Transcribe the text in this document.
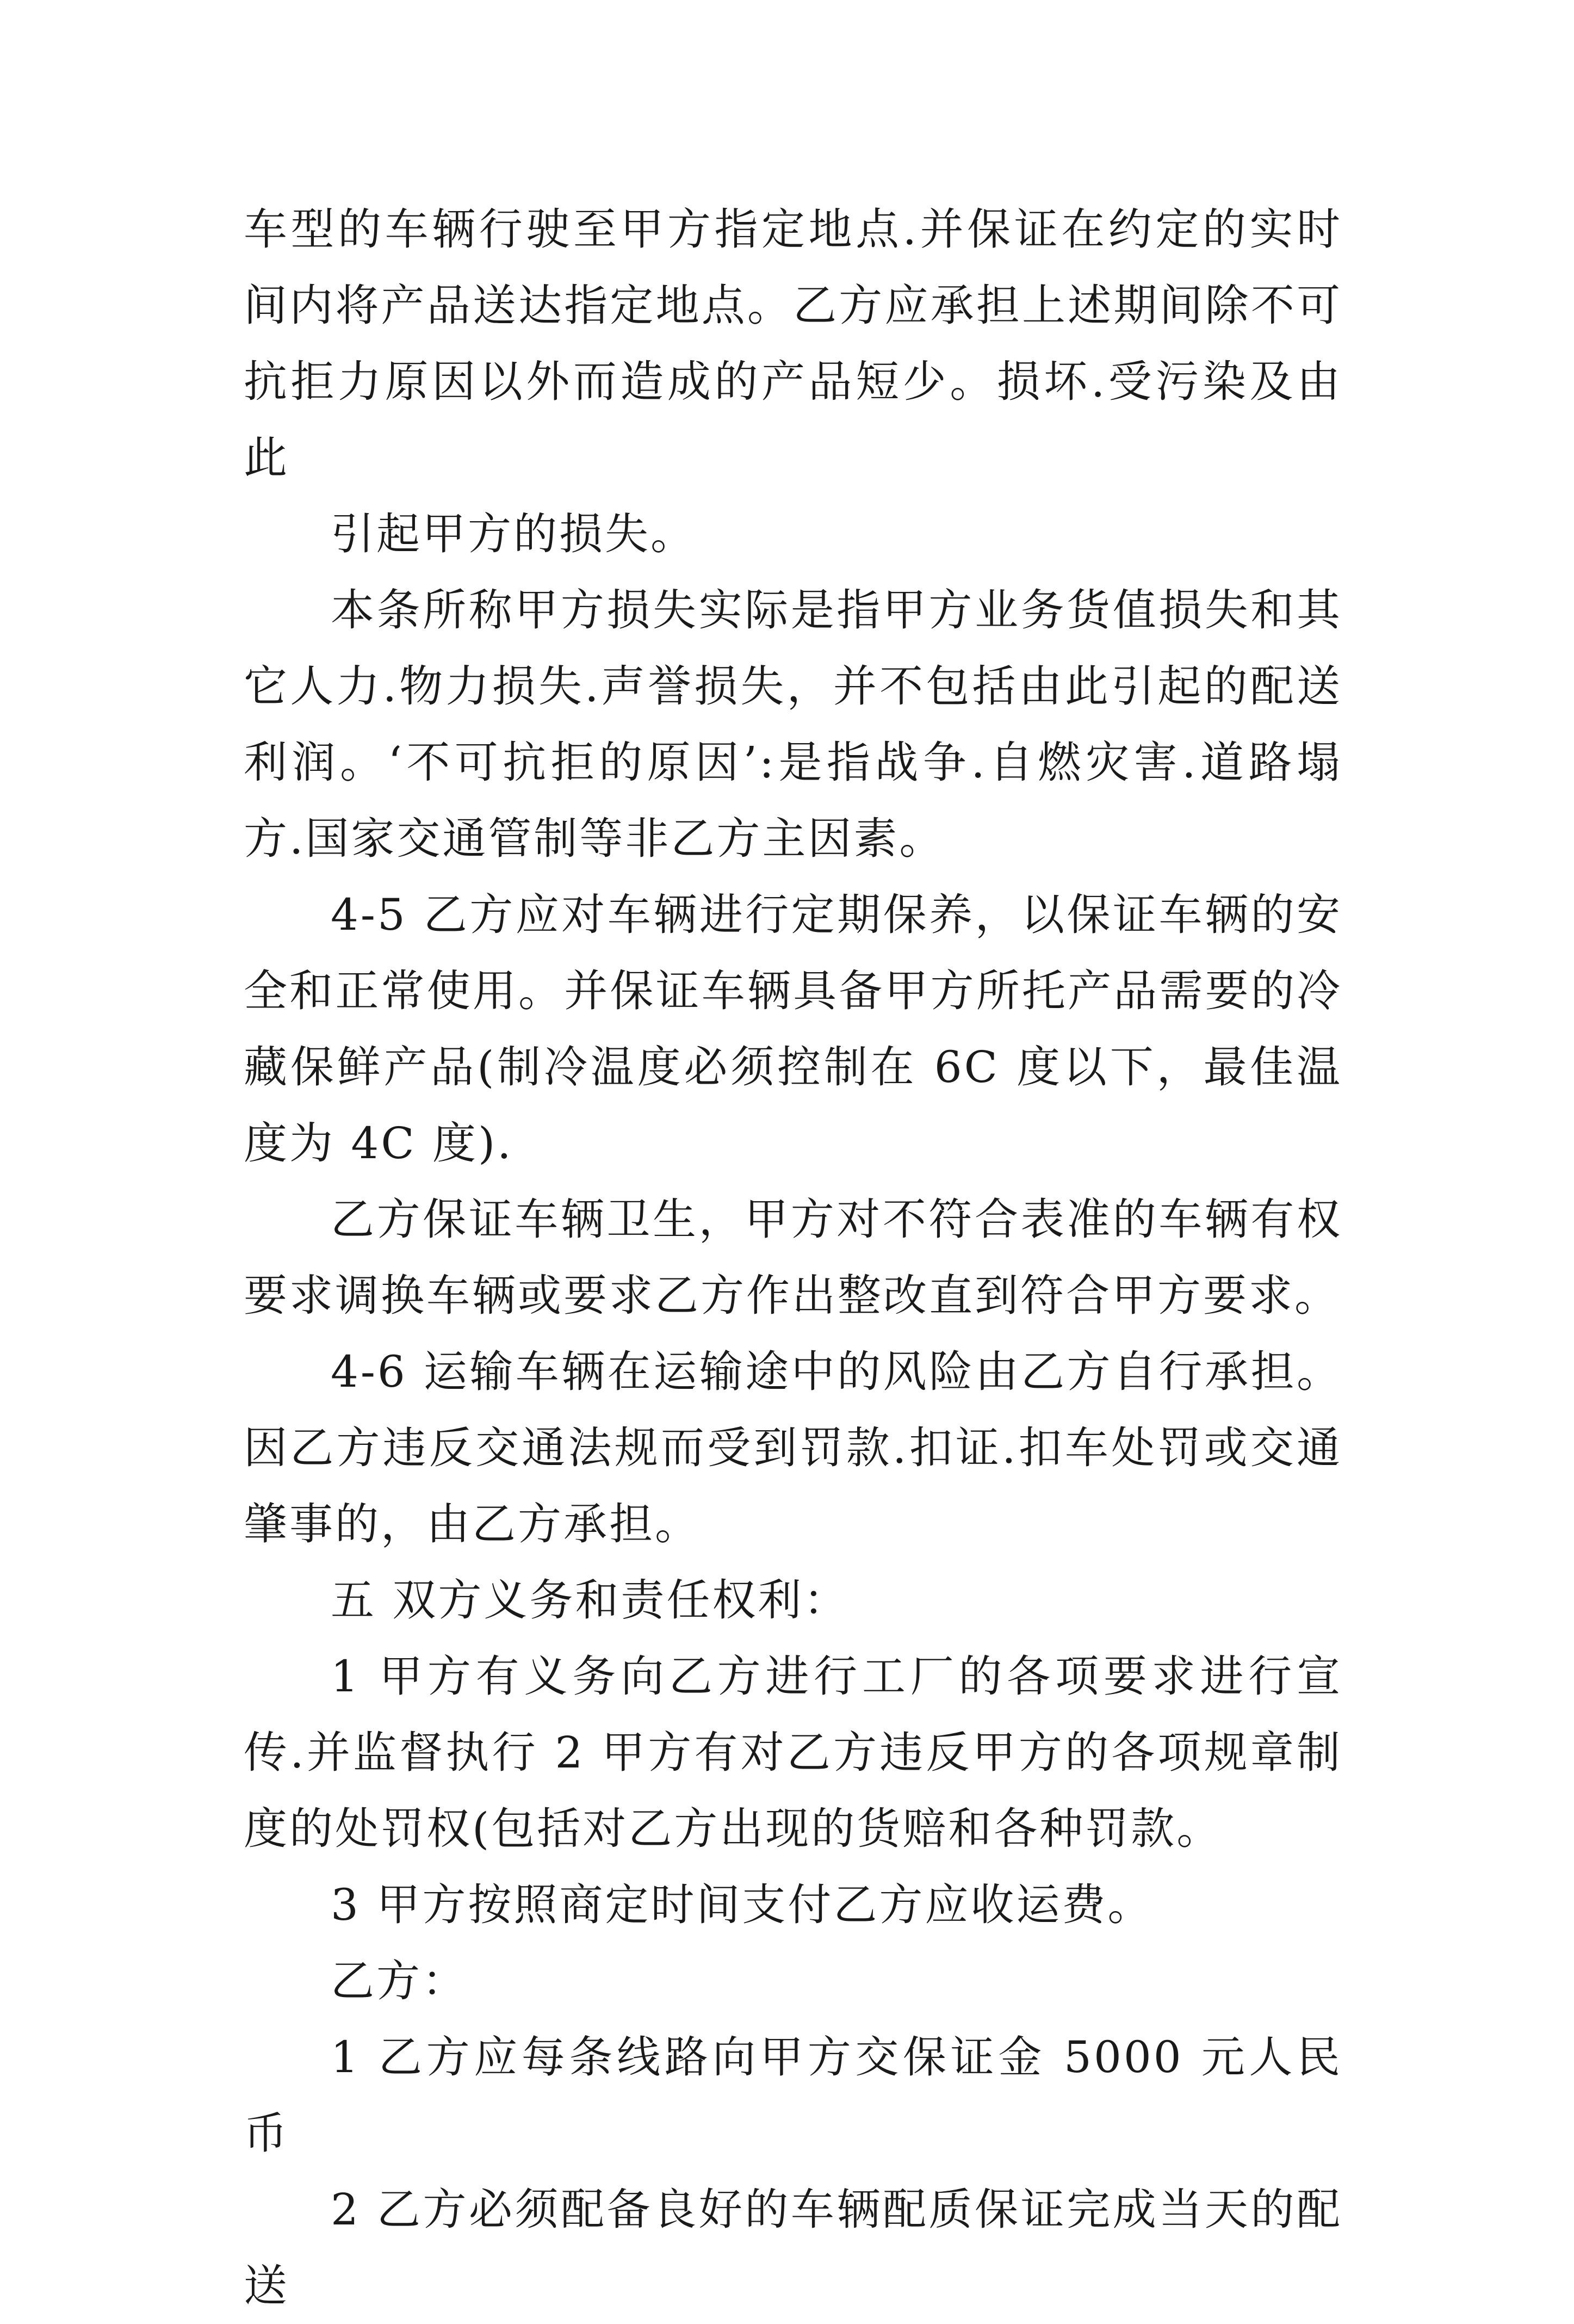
车型的车辆行驶至甲方指定地点.并保证在约定的实时间内将产品送达指定地点。乙方应承担上述期间除不可抗拒力原因以外而造成的产品短少。损坏.受污染及由此

引起甲方的损失。

本条所称甲方损失实际是指甲方业务货值损失和其它人力.物力损失.声誉损失，并不包括由此引起的配送利润。‘不可抗拒的原因’:是指战争.自燃灾害.道路塌方.国家交通管制等非乙方主因素。

4-5 乙方应对车辆进行定期保养，以保证车辆的安全和正常使用。并保证车辆具备甲方所托产品需要的冷藏保鲜产品(制冷温度必须控制在 6C 度以下，最佳温度为 4C 度).

乙方保证车辆卫生，甲方对不符合表准的车辆有权要求调换车辆或要求乙方作出整改直到符合甲方要求。

4-6 运输车辆在运输途中的风险由乙方自行承担。因乙方违反交通法规而受到罚款.扣证.扣车处罚或交通肇事的，由乙方承担。

五 双方义务和责任权利：

1 甲方有义务向乙方进行工厂的各项要求进行宣传.并监督执行 2 甲方有对乙方违反甲方的各项规章制度的处罚权(包括对乙方出现的货赔和各种罚款。

3 甲方按照商定时间支付乙方应收运费。

乙方：

1 乙方应每条线路向甲方交保证金 5000 元人民币

2 乙方必须配备良好的车辆配质保证完成当天的配送
